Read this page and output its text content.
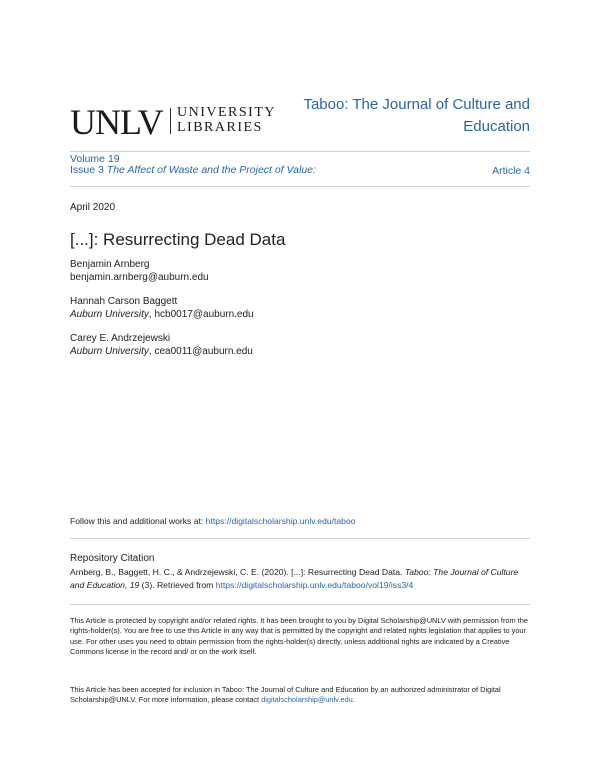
UNLV UNIVERSITY
LIBRARIES
Taboo: The Journal of Culture and Education
Volume 19
Issue 3 The Affect of Waste and the Project of Value:	Article 4
April 2020
[...]: Resurrecting Dead Data
Benjamin Arnberg
benjamin.arnberg@auburn.edu
Hannah Carson Baggett
Auburn University, hcb0017@auburn.edu
Carey E. Andrzejewski
Auburn University, cea0011@auburn.edu
Follow this and additional works at: https://digitalscholarship.unlv.edu/taboo
Repository Citation
Arnberg, B., Baggett, H. C., & Andrzejewski, C. E. (2020). [...]: Resurrecting Dead Data. Taboo: The Journal of Culture and Education, 19 (3). Retrieved from https://digitalscholarship.unlv.edu/taboo/vol19/iss3/4
This Article is protected by copyright and/or related rights. It has been brought to you by Digital Scholarship@UNLV with permission from the rights-holder(s). You are free to use this Article in any way that is permitted by the copyright and related rights legislation that applies to your use. For other uses you need to obtain permission from the rights-holder(s) directly, unless additional rights are indicated by a Creative Commons license in the record and/ or on the work itself.
This Article has been accepted for inclusion in Taboo: The Journal of Culture and Education by an authorized administrator of Digital Scholarship@UNLV. For more information, please contact digitalscholarship@unlv.edu.
